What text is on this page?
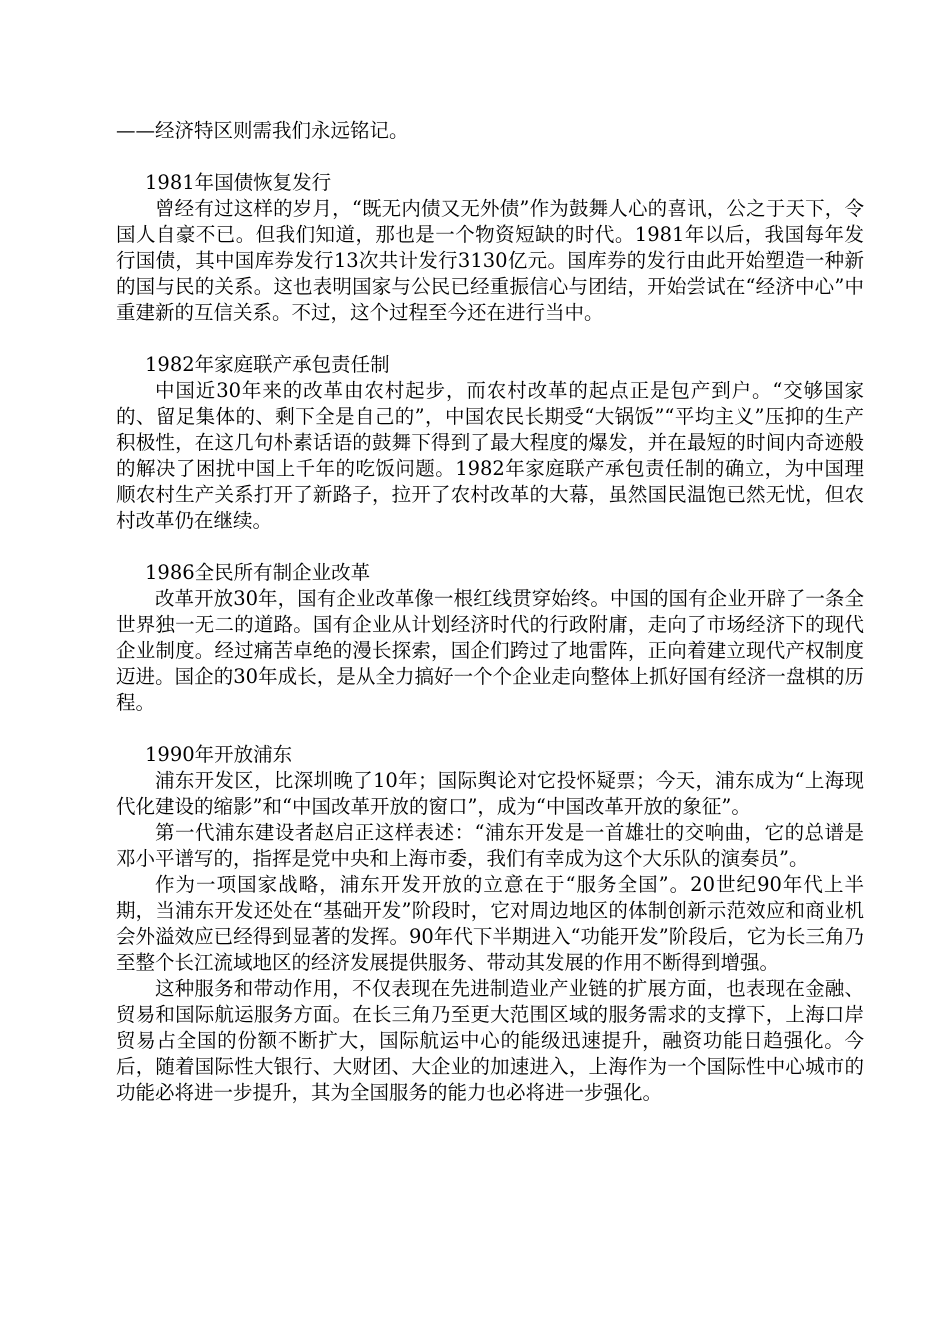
——经济特区则需我们永远铭记。

1981年国债恢复发行

曾经有过这样的岁月，“既无内债又无外债”作为鼓舞人心的喜讯，公之于天下，令国人自豪不已。但我们知道，那也是一个物资短缺的时代。1981年以后，我国每年发行国债，其中国库券发行13次共计发行3130亿元。国库券的发行由此开始塑造一种新的国与民的关系。这也表明国家与公民已经重振信心与团结，开始尝试在“经济中心”中重建新的互信关系。不过，这个过程至今还在进行当中。

1982年家庭联产承包责任制

中国近30年来的改革由农村起步，而农村改革的起点正是包产到户。“交够国家的、留足集体的、剩下全是自己的”，中国农民长期受“大锅饭”“平均主义”压抑的生产积极性，在这几句朴素话语的鼓舞下得到了最大程度的爆发，并在最短的时间内奇迹般的解决了困扰中国上千年的吃饭问题。1982年家庭联产承包责任制的确立，为中国理顺农村生产关系打开了新路子，拉开了农村改革的大幕，虽然国民温饱已然无忧，但农村改革仍在继续。

1986全民所有制企业改革

改革开放30年，国有企业改革像一根红线贯穿始终。中国的国有企业开辟了一条全世界独一无二的道路。国有企业从计划经济时代的行政附庸，走向了市场经济下的现代企业制度。经过痛苦卓绝的漫长探索，国企们跨过了地雷阵，正向着建立现代产权制度迈进。国企的30年成长，是从全力搞好一个个企业走向整体上抓好国有经济一盘棋的历程。

1990年开放浦东

浦东开发区，比深圳晚了10年；国际舆论对它投怀疑票；今天，浦东成为“上海现代化建设的缩影”和“中国改革开放的窗口”，成为“中国改革开放的象征”。

第一代浦东建设者赵启正这样表述：“浦东开发是一首雄壮的交响曲，它的总谱是邓小平谱写的，指挥是党中央和上海市委，我们有幸成为这个大乐队的演奏员”。

作为一项国家战略，浦东开发开放的立意在于“服务全国”。20世纪90年代上半期，当浦东开发还处在“基础开发”阶段时，它对周边地区的体制创新示范效应和商业机会外溢效应已经得到显著的发挥。90年代下半期进入“功能开发”阶段后，它为长三角乃至整个长江流域地区的经济发展提供服务、带动其发展的作用不断得到增强。

这种服务和带动作用，不仅表现在先进制造业产业链的扩展方面，也表现在金融、贸易和国际航运服务方面。在长三角乃至更大范围区域的服务需求的支撑下，上海口岸贸易占全国的份额不断扩大，国际航运中心的能级迅速提升，融资功能日趋强化。今后，随着国际性大银行、大财团、大企业的加速进入，上海作为一个国际性中心城市的功能必将进一步提升，其为全国服务的能力也必将进一步强化。
